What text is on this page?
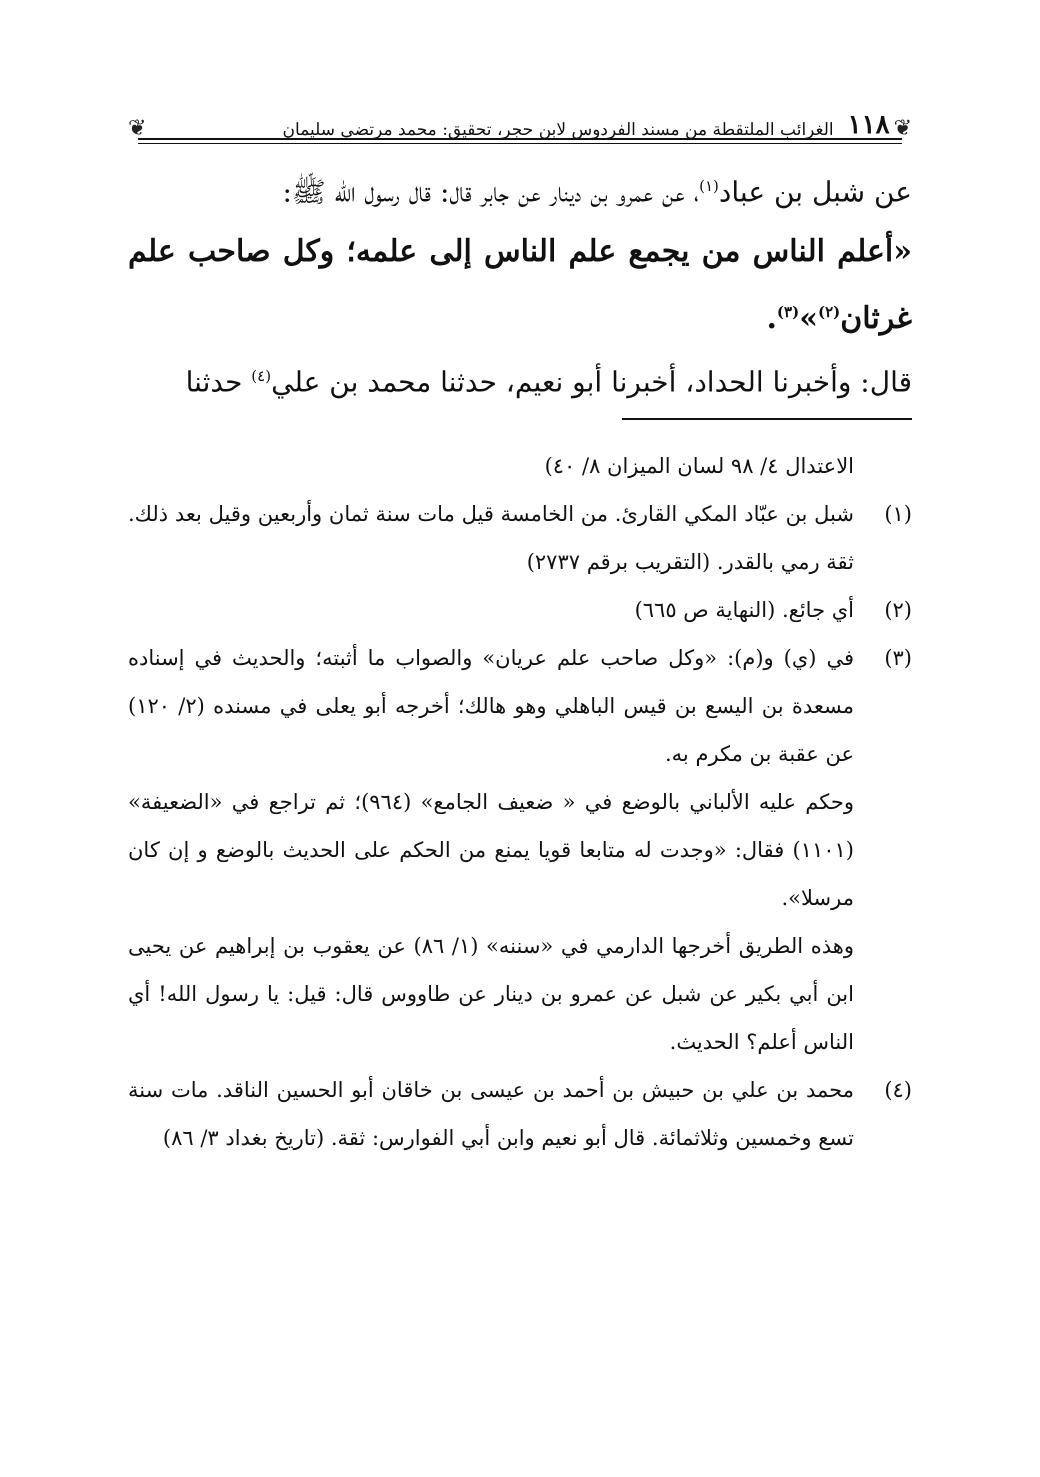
❦
١١٨
الغرائب الملتقطة من مسند الفردوس لابن حجر، تحقيق: محمد مرتضي سليمان
❦
عن شبل بن عباد$^{(١)}$، عن عمرو بن دينار عن جابر قال: قال رسول الله ﷺ:
«أعلم الناس من يجمع علم الناس إلى علمه؛ وكل صاحب علم غرثان$^{(٢)}$»$^{(٣)}$.
قال: وأخبرنا الحداد، أخبرنا أبو نعيم، حدثنا محمد بن علي$^{(٤)}$ حدثنا
الاعتدال ٤/ ٩٨ لسان الميزان ٨/ ٤٠)
(١)
شبل بن عبّاد المكي القارئ. من الخامسة قيل مات سنة ثمان وأربعين وقيل بعد ذلك. ثقة رمي بالقدر. (التقريب برقم ٢٧٣٧)
(٢)
أي جائع. (النهاية ص ٦٦٥)
(٣)
في (ي) و(م): «وكل صاحب علم عريان» والصواب ما أثبته؛ والحديث في إسناده مسعدة بن اليسع بن قيس الباهلي وهو هالك؛ أخرجه أبو يعلى في مسنده (٢/ ١٢٠) عن عقبة بن مكرم به.
وحكم عليه الألباني بالوضع في « ضعيف الجامع» (٩٦٤)؛ ثم تراجع في «الضعيفة» (١١٠١) فقال: «وجدت له متابعا قويا يمنع من الحكم على الحديث بالوضع و إن كان مرسلا».
وهذه الطريق أخرجها الدارمي في «سننه» (١/ ٨٦) عن يعقوب بن إبراهيم عن يحيى ابن أبي بكير عن شبل عن عمرو بن دينار عن طاووس قال: قيل: يا رسول الله! أي الناس أعلم؟ الحديث.
(٤)
محمد بن علي بن حبيش بن أحمد بن عيسى بن خاقان أبو الحسين الناقد. مات سنة تسع وخمسين وثلاثمائة. قال أبو نعيم وابن أبي الفوارس: ثقة. (تاريخ بغداد ٣/ ٨٦)
